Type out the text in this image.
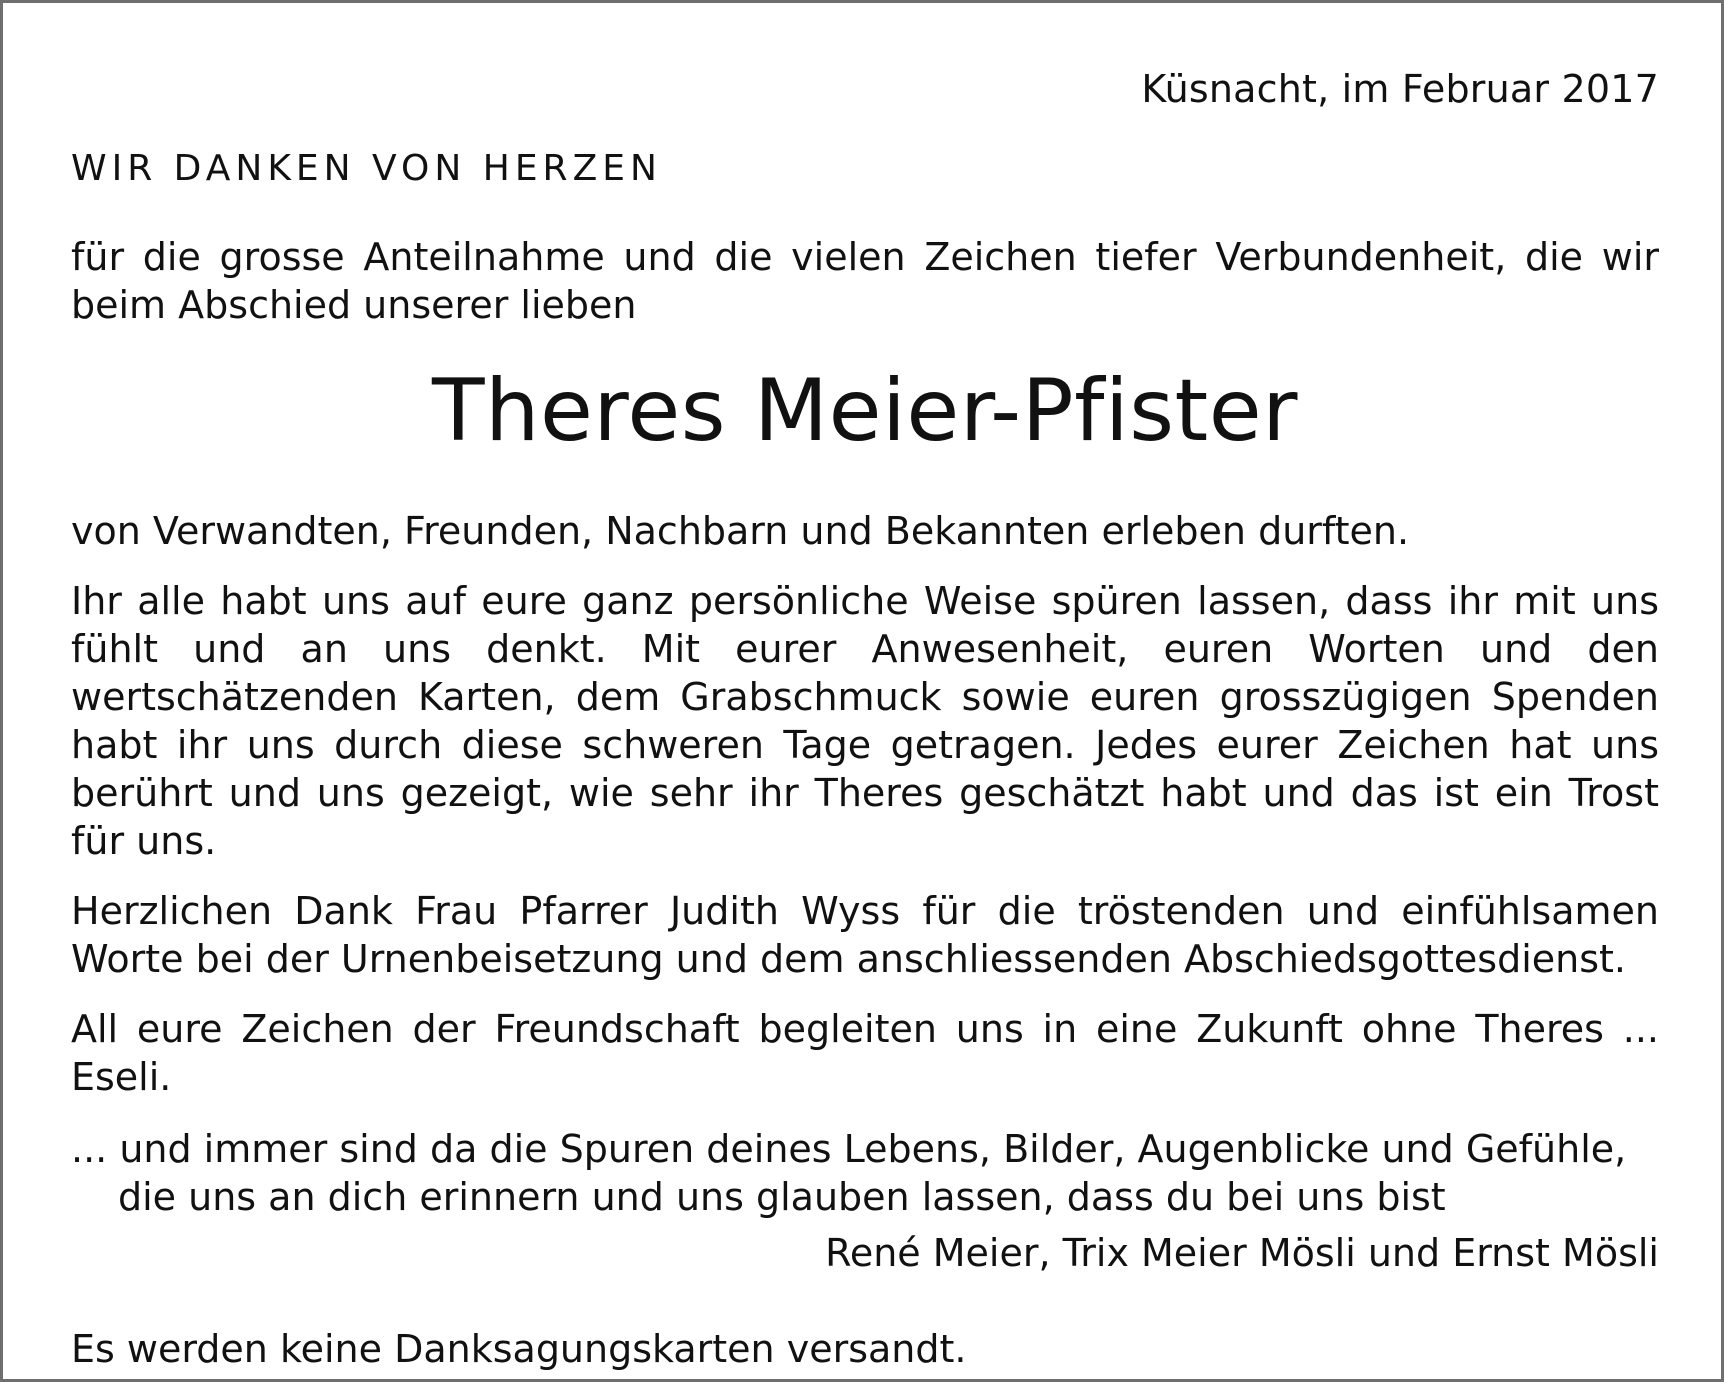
Küsnacht, im Februar 2017

WIR DANKEN VON HERZEN

für die grosse Anteilnahme und die vielen Zeichen tiefer Verbundenheit, die wir beim Abschied unserer lieben

Theres Meier-Pfister

von Verwandten, Freunden, Nachbarn und Bekannten erleben durften.

Ihr alle habt uns auf eure ganz persönliche Weise spüren lassen, dass ihr mit uns fühlt und an uns denkt. Mit eurer Anwesenheit, euren Worten und den wertschätzenden Karten, dem Grabschmuck sowie euren grosszügigen Spenden habt ihr uns durch diese schweren Tage getragen. Jedes eurer Zeichen hat uns berührt und uns gezeigt, wie sehr ihr Theres geschätzt habt und das ist ein Trost für uns.

Herzlichen Dank Frau Pfarrer Judith Wyss für die tröstenden und einfühlsamen Worte bei der Urnenbeisetzung und dem anschliessenden Abschiedsgottesdienst.

All eure Zeichen der Freundschaft begleiten uns in eine Zukunft ohne Theres ... Eseli.

... und immer sind da die Spuren deines Lebens, Bilder, Augenblicke und Gefühle, die uns an dich erinnern und uns glauben lassen, dass du bei uns bist

René Meier, Trix Meier Mösli und Ernst Mösli

Es werden keine Danksagungskarten versandt.
